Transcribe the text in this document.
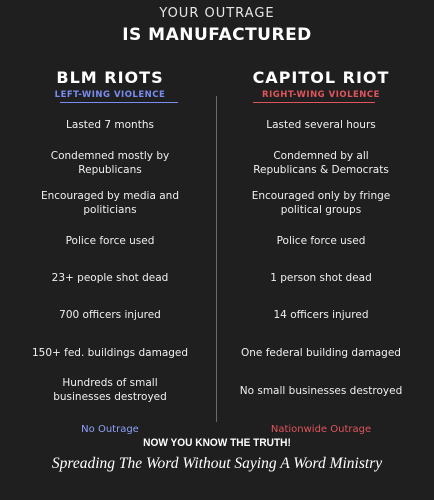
YOUR OUTRAGE
IS MANUFACTURED
BLM RIOTS
LEFT-WING VIOLENCE
CAPITOL RIOT
RIGHT-WING VIOLENCE
Lasted 7 months
Condemned mostly by Republicans
Encouraged by media and politicians
Police force used
23+ people shot dead
700 officers injured
150+ fed. buildings damaged
Hundreds of small businesses destroyed
Lasted several hours
Condemned by all Republicans & Democrats
Encouraged only by fringe political groups
Police force used
1 person shot dead
14 officers injured
One federal building damaged
No small businesses destroyed
No Outrage	Nationwide Outrage
NOW YOU KNOW THE TRUTH!
Spreading The Word Without Saying A Word Ministry
